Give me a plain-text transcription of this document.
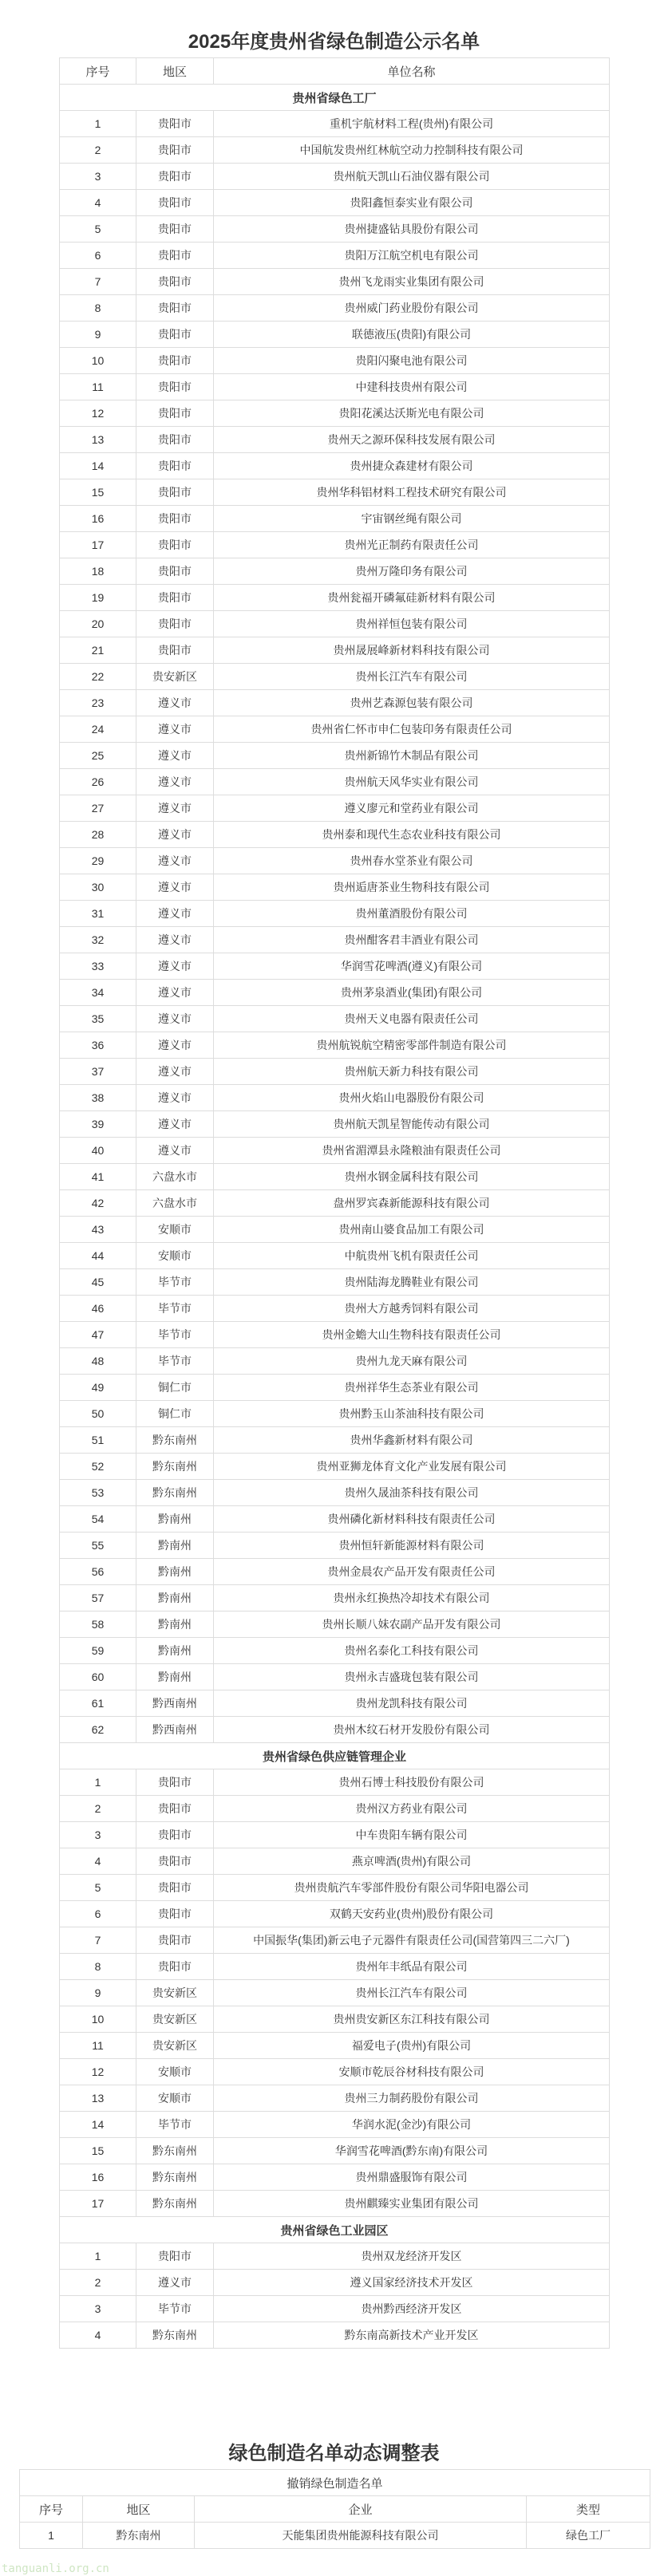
2025年度贵州省绿色制造公示名单
序号	地区	单位名称
贵州省绿色工厂		
1	贵阳市	重机宇航材料工程(贵州)有限公司
2	贵阳市	中国航发贵州红林航空动力控制科技有限公司
3	贵阳市	贵州航天凯山石油仪器有限公司
4	贵阳市	贵阳鑫恒泰实业有限公司
5	贵阳市	贵州捷盛钻具股份有限公司
6	贵阳市	贵阳万江航空机电有限公司
7	贵阳市	贵州飞龙雨实业集团有限公司
8	贵阳市	贵州威门药业股份有限公司
9	贵阳市	联德液压(贵阳)有限公司
10	贵阳市	贵阳闪聚电池有限公司
11	贵阳市	中建科技贵州有限公司
12	贵阳市	贵阳花溪达沃斯光电有限公司
13	贵阳市	贵州天之源环保科技发展有限公司
14	贵阳市	贵州捷众森建材有限公司
15	贵阳市	贵州华科铝材料工程技术研究有限公司
16	贵阳市	宇宙钢丝绳有限公司
17	贵阳市	贵州光正制药有限责任公司
18	贵阳市	贵州万隆印务有限公司
19	贵阳市	贵州瓮福开磷氟硅新材料有限公司
20	贵阳市	贵州祥恒包装有限公司
21	贵阳市	贵州晟展峰新材料科技有限公司
22	贵安新区	贵州长江汽车有限公司
23	遵义市	贵州艺森源包装有限公司
24	遵义市	贵州省仁怀市申仁包装印务有限责任公司
25	遵义市	贵州新锦竹木制品有限公司
26	遵义市	贵州航天风华实业有限公司
27	遵义市	遵义廖元和堂药业有限公司
28	遵义市	贵州泰和现代生态农业科技有限公司
29	遵义市	贵州春水堂茶业有限公司
30	遵义市	贵州逅唐茶业生物科技有限公司
31	遵义市	贵州董酒股份有限公司
32	遵义市	贵州酣客君丰酒业有限公司
33	遵义市	华润雪花啤酒(遵义)有限公司
34	遵义市	贵州茅泉酒业(集团)有限公司
35	遵义市	贵州天义电器有限责任公司
36	遵义市	贵州航锐航空精密零部件制造有限公司
37	遵义市	贵州航天新力科技有限公司
38	遵义市	贵州火焰山电器股份有限公司
39	遵义市	贵州航天凯星智能传动有限公司
40	遵义市	贵州省湄潭县永隆粮油有限责任公司
41	六盘水市	贵州水钢金属科技有限公司
42	六盘水市	盘州罗宾森新能源科技有限公司
43	安顺市	贵州南山婆食品加工有限公司
44	安顺市	中航贵州飞机有限责任公司
45	毕节市	贵州陆海龙腾鞋业有限公司
46	毕节市	贵州大方越秀饲料有限公司
47	毕节市	贵州金蟾大山生物科技有限责任公司
48	毕节市	贵州九龙天麻有限公司
49	铜仁市	贵州祥华生态茶业有限公司
50	铜仁市	贵州黔玉山茶油科技有限公司
51	黔东南州	贵州华鑫新材料有限公司
52	黔东南州	贵州亚狮龙体育文化产业发展有限公司
53	黔东南州	贵州久晟油茶科技有限公司
54	黔南州	贵州磷化新材料科技有限责任公司
55	黔南州	贵州恒轩新能源材料有限公司
56	黔南州	贵州金晨农产品开发有限责任公司
57	黔南州	贵州永红换热冷却技术有限公司
58	黔南州	贵州长顺八妹农副产品开发有限公司
59	黔南州	贵州名泰化工科技有限公司
60	黔南州	贵州永吉盛珑包装有限公司
61	黔西南州	贵州龙凯科技有限公司
62	黔西南州	贵州木纹石材开发股份有限公司
贵州省绿色供应链管理企业		
1	贵阳市	贵州石博士科技股份有限公司
2	贵阳市	贵州汉方药业有限公司
3	贵阳市	中车贵阳车辆有限公司
4	贵阳市	燕京啤酒(贵州)有限公司
5	贵阳市	贵州贵航汽车零部件股份有限公司华阳电器公司
6	贵阳市	双鹤天安药业(贵州)股份有限公司
7	贵阳市	中国振华(集团)新云电子元器件有限责任公司(国营第四三二六厂)
8	贵阳市	贵州年丰纸品有限公司
9	贵安新区	贵州长江汽车有限公司
10	贵安新区	贵州贵安新区东江科技有限公司
11	贵安新区	福爱电子(贵州)有限公司
12	安顺市	安顺市乾辰谷材科技有限公司
13	安顺市	贵州三力制药股份有限公司
14	毕节市	华润水泥(金沙)有限公司
15	黔东南州	华润雪花啤酒(黔东南)有限公司
16	黔东南州	贵州鼎盛服饰有限公司
17	黔东南州	贵州麒臻实业集团有限公司
贵州省绿色工业园区		
1	贵阳市	贵州双龙经济开发区
2	遵义市	遵义国家经济技术开发区
3	毕节市	贵州黔西经济开发区
4	黔东南州	黔东南高新技术产业开发区
绿色制造名单动态调整表
撤销绿色制造名单			
序号	地区	企业	类型
1	黔东南州	天能集团贵州能源科技有限公司	绿色工厂
tanguanli.org.cn
